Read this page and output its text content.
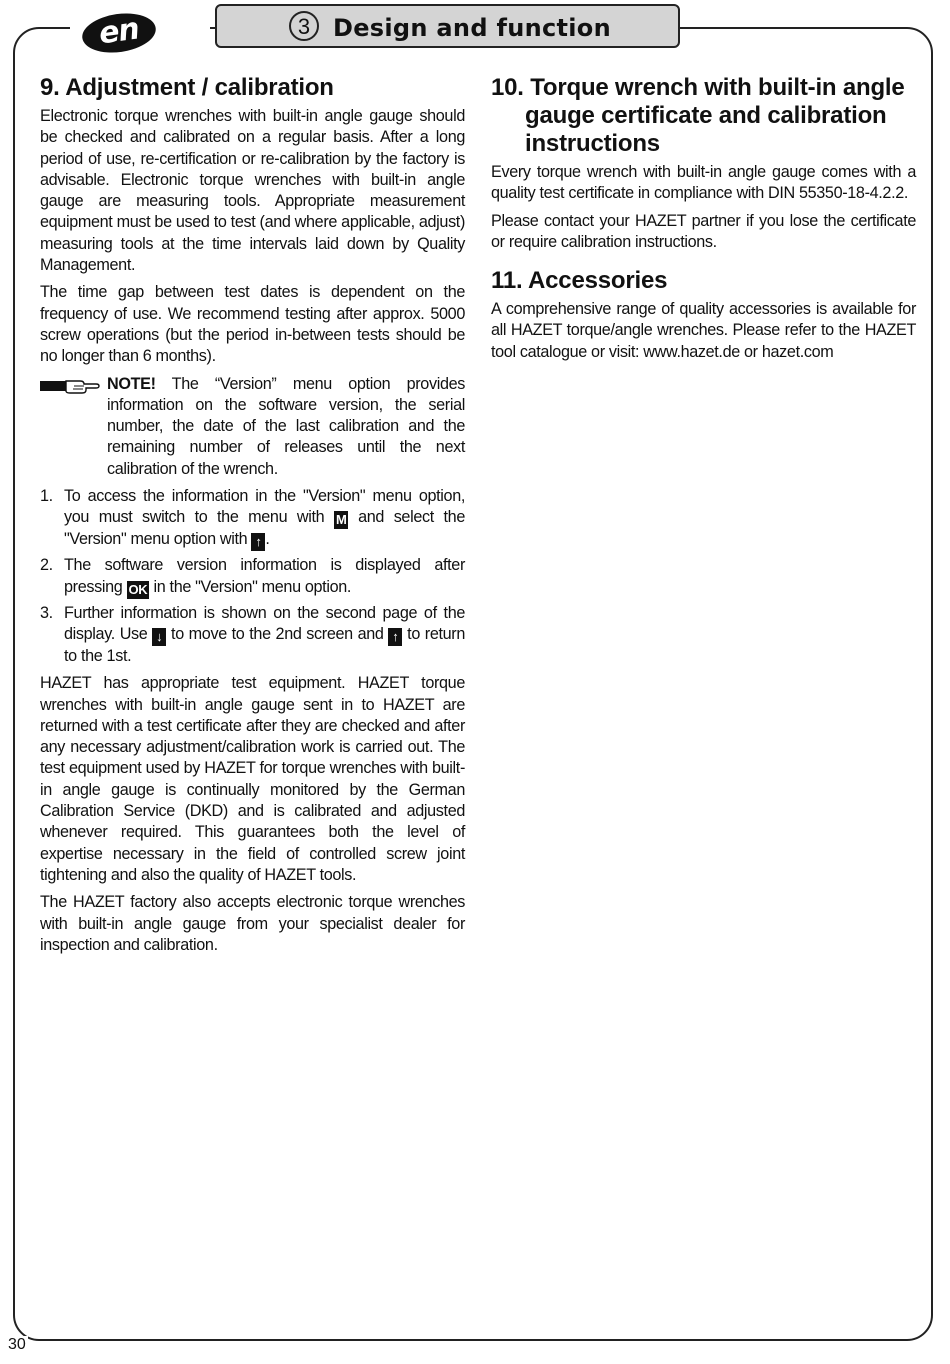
en	3 Design and function
9. Adjustment / calibration

Electronic torque wrenches with built-in angle gauge should be checked and calibrated on a regular basis. After a long period of use, re-certification or re-calibration by the factory is advisable. Electronic torque wrenches with built-in angle gauge are measuring tools. Appropriate measurement equipment must be used to test (and where applicable, adjust) measuring tools at the time intervals laid down by Quality Management.

The time gap between test dates is dependent on the frequency of use. We recommend testing after approx. 5000 screw operations (but the period in-between tests should be no longer than 6 months).

NOTE! The “Version” menu option provides information on the software version, the serial number, the date of the last calibration and the remaining number of releases until the next calibration of the wrench.

1. To access the information in the "Version" menu option, you must switch to the menu with M and select the "Version" menu option with ↑ .
2. The software version information is displayed after pressing OK in the "Version" menu option.
3. Further information is shown on the second page of the display. Use ↓ to move to the 2nd screen and ↑ to return to the 1st.

HAZET has appropriate test equipment. HAZET torque wrenches with built-in angle gauge sent in to HAZET are returned with a test certificate after they are checked and after any necessary adjustment/calibration work is carried out. The test equipment used by HAZET for torque wrenches with built-in angle gauge is continually monitored by the German Calibration Service (DKD) and is calibrated and adjusted whenever required. This guarantees both the level of expertise necessary in the field of controlled screw joint tightening and also the quality of HAZET tools.

The HAZET factory also accepts electronic torque wrenches with built-in angle gauge from your specialist dealer for inspection and calibration.

10. Torque wrench with built-in angle gauge certificate and calibration instructions

Every torque wrench with built-in angle gauge comes with a quality test certificate in compliance with DIN 55350-18-4.2.2.

Please contact your HAZET partner if you lose the certificate or require calibration instructions.

11. Accessories

A comprehensive range of quality accessories is available for all HAZET torque/angle wrenches. Please refer to the HAZET tool catalogue or visit: www.hazet.de or hazet.com

30
